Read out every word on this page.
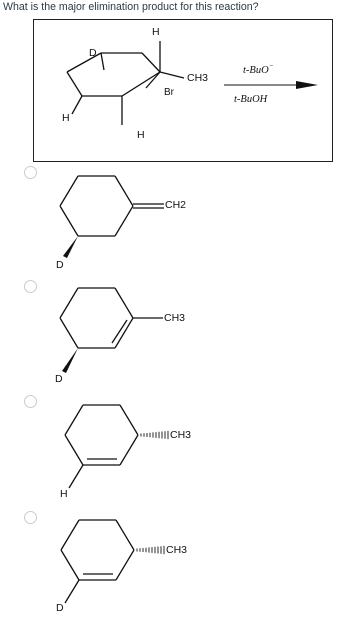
What is the major elimination product for this reaction?
H
D
CH3
Br
H
H
t-BuO−
t-BuOH
CH2
D
CH3
D
CH3
H
CH3
D
